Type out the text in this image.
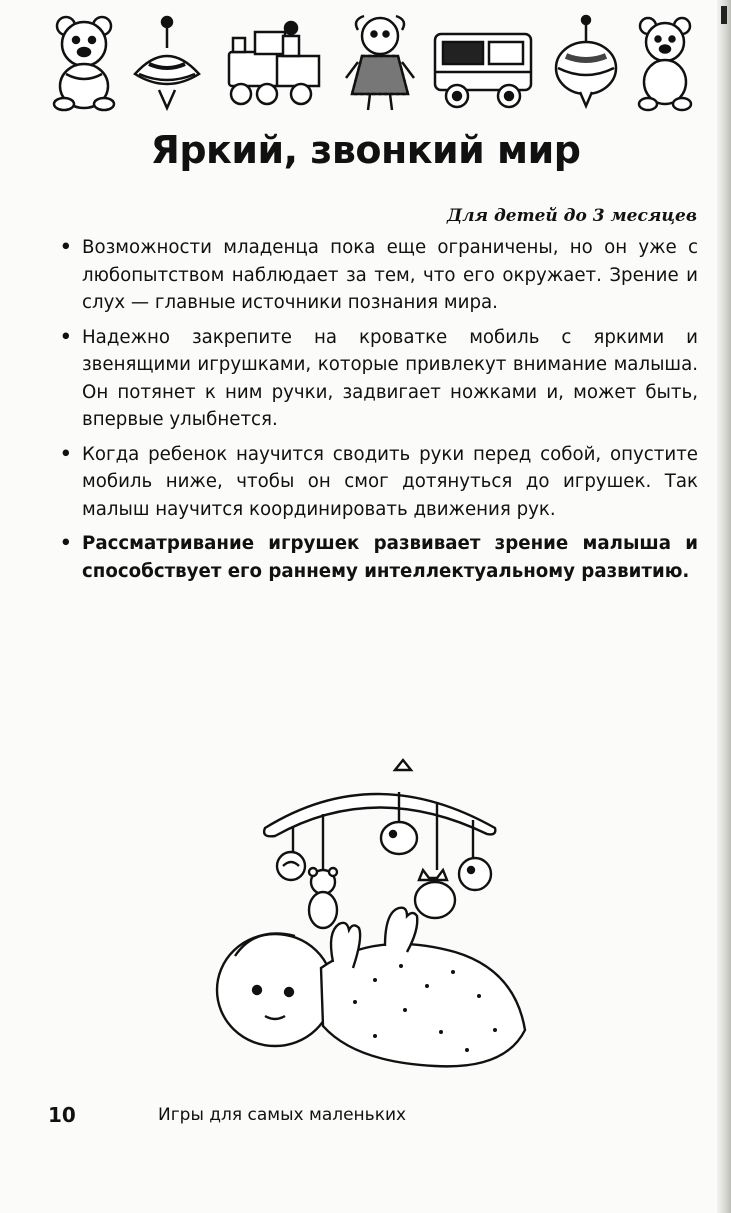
Яркий, звонкий мир
Для детей до 3 месяцев
• Возможности младенца пока еще ограничены, но он уже с любопытством наблюдает за тем, что его окружает. Зрение и слух — главные источники познания мира.
• Надежно закрепите на кроватке мобиль с яркими и звенящими игрушками, которые привлекут внимание малыша. Он потянет к ним ручки, задвигает ножками и, может быть, впервые улыбнется.
• Когда ребенок научится сводить руки перед собой, опустите мобиль ниже, чтобы он смог дотянуться до игрушек. Так малыш научится координировать движения рук.
• Рассматривание игрушек развивает зрение малыша и способствует его раннему интеллектуальному развитию.
10	Игры для самых маленьких
